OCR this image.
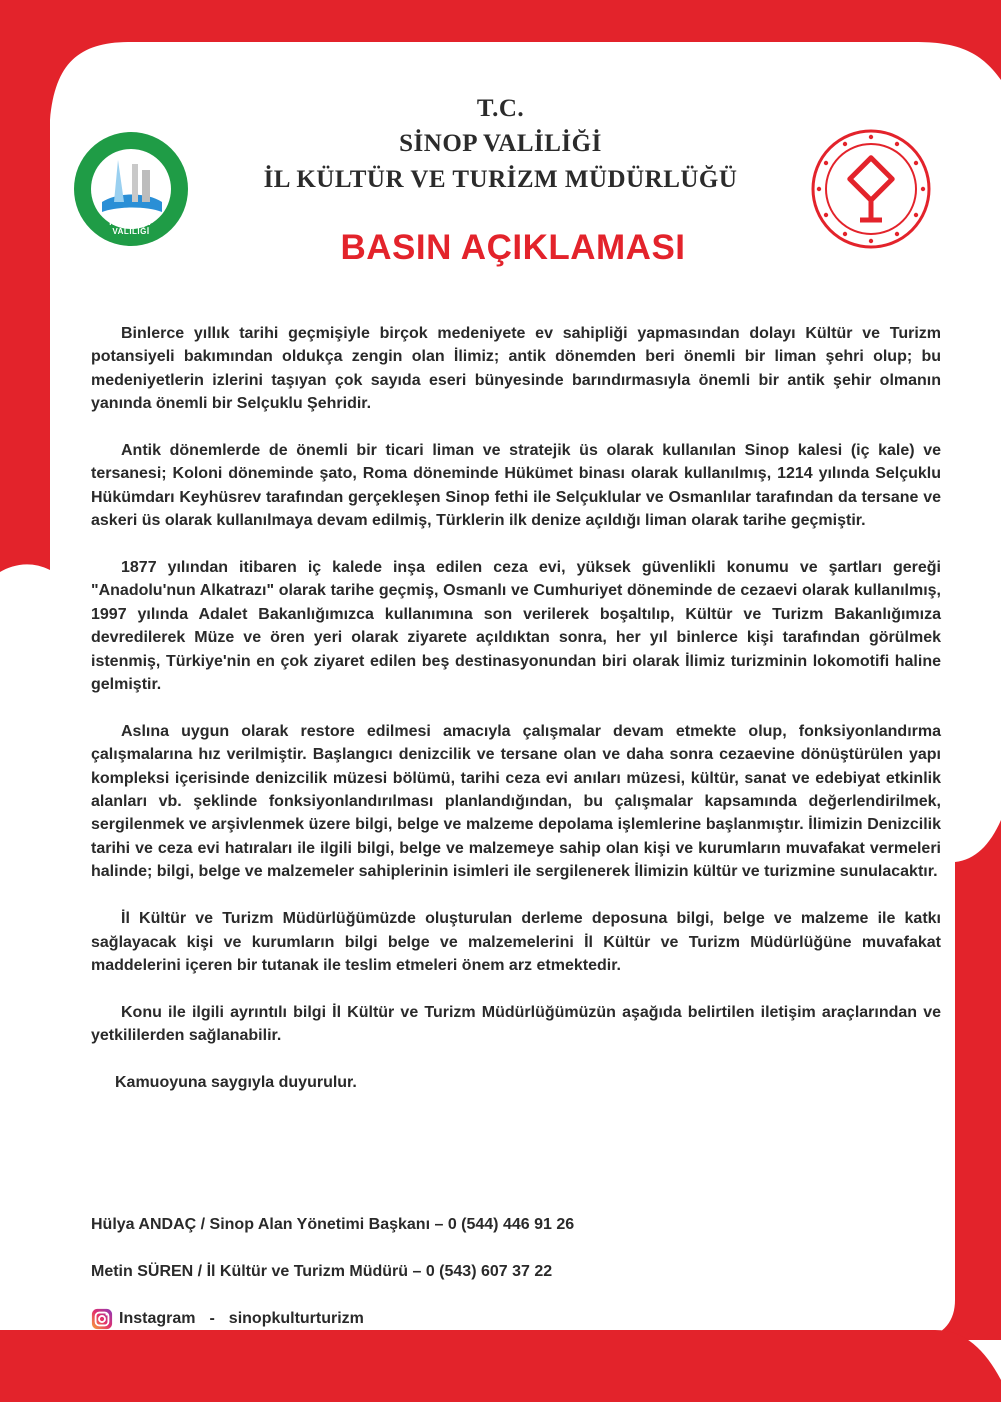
T.C. SİNOP VALİLİĞİ
T.C.
SİNOP VALİLİĞİ
İL KÜLTÜR VE TURİZM MÜDÜRLÜĞÜ
BASIN AÇIKLAMASI

Binlerce yıllık tarihi geçmişiyle birçok medeniyete ev sahipliği yapmasından dolayı Kültür ve Turizm potansiyeli bakımından oldukça zengin olan İlimiz; antik dönemden beri önemli bir liman şehri olup; bu medeniyetlerin izlerini taşıyan çok sayıda eseri bünyesinde barındırmasıyla önemli bir antik şehir olmanın yanında önemli bir Selçuklu Şehridir.

Antik dönemlerde de önemli bir ticari liman ve stratejik üs olarak kullanılan Sinop kalesi (iç kale) ve tersanesi; Koloni döneminde şato, Roma döneminde Hükümet binası olarak kullanılmış, 1214 yılında Selçuklu Hükümdarı Keyhüsrev tarafından gerçekleşen Sinop fethi ile Selçuklular ve Osmanlılar tarafından da tersane ve askeri üs olarak kullanılmaya devam edilmiş, Türklerin ilk denize açıldığı liman olarak tarihe geçmiştir.

1877 yılından itibaren iç kalede inşa edilen ceza evi, yüksek güvenlikli konumu ve şartları gereği "Anadolu'nun Alkatrazı" olarak tarihe geçmiş, Osmanlı ve Cumhuriyet döneminde de cezaevi olarak kullanılmış, 1997 yılında Adalet Bakanlığımızca kullanımına son verilerek boşaltılıp, Kültür ve Turizm Bakanlığımıza devredilerek Müze ve ören yeri olarak ziyarete açıldıktan sonra, her yıl binlerce kişi tarafından görülmek istenmiş, Türkiye'nin en çok ziyaret edilen beş destinasyonundan biri olarak İlimiz turizminin lokomotifi haline gelmiştir.

Aslına uygun olarak restore edilmesi amacıyla çalışmalar devam etmekte olup, fonksiyonlandırma çalışmalarına hız verilmiştir. Başlangıcı denizcilik ve tersane olan ve daha sonra cezaevine dönüştürülen yapı kompleksi içerisinde denizcilik müzesi bölümü, tarihi ceza evi anıları müzesi, kültür, sanat ve edebiyat etkinlik alanları vb. şeklinde fonksiyonlandırılması planlandığından, bu çalışmalar kapsamında değerlendirilmek, sergilenmek ve arşivlenmek üzere bilgi, belge ve malzeme depolama işlemlerine başlanmıştır. İlimizin Denizcilik tarihi ve ceza evi hatıraları ile ilgili bilgi, belge ve malzemeye sahip olan kişi ve kurumların muvafakat vermeleri halinde; bilgi, belge ve malzemeler sahiplerinin isimleri ile sergilenerek İlimizin kültür ve turizmine sunulacaktır.

İl Kültür ve Turizm Müdürlüğümüzde oluşturulan derleme deposuna bilgi, belge ve malzeme ile katkı sağlayacak kişi ve kurumların bilgi belge ve malzemelerini İl Kültür ve Turizm Müdürlüğüne muvafakat maddelerini içeren bir tutanak ile teslim etmeleri önem arz etmektedir.

Konu ile ilgili ayrıntılı bilgi İl Kültür ve Turizm Müdürlüğümüzün aşağıda belirtilen iletişim araçlarından ve yetkililerden sağlanabilir.

Kamuoyuna saygıyla duyurulur.

Hülya ANDAÇ / Sinop Alan Yönetimi Başkanı – 0 (544) 446 91 26
Metin SÜREN / İl Kültür ve Turizm Müdürü – 0 (543) 607 37 22
Instagram - sinopkulturturizm
